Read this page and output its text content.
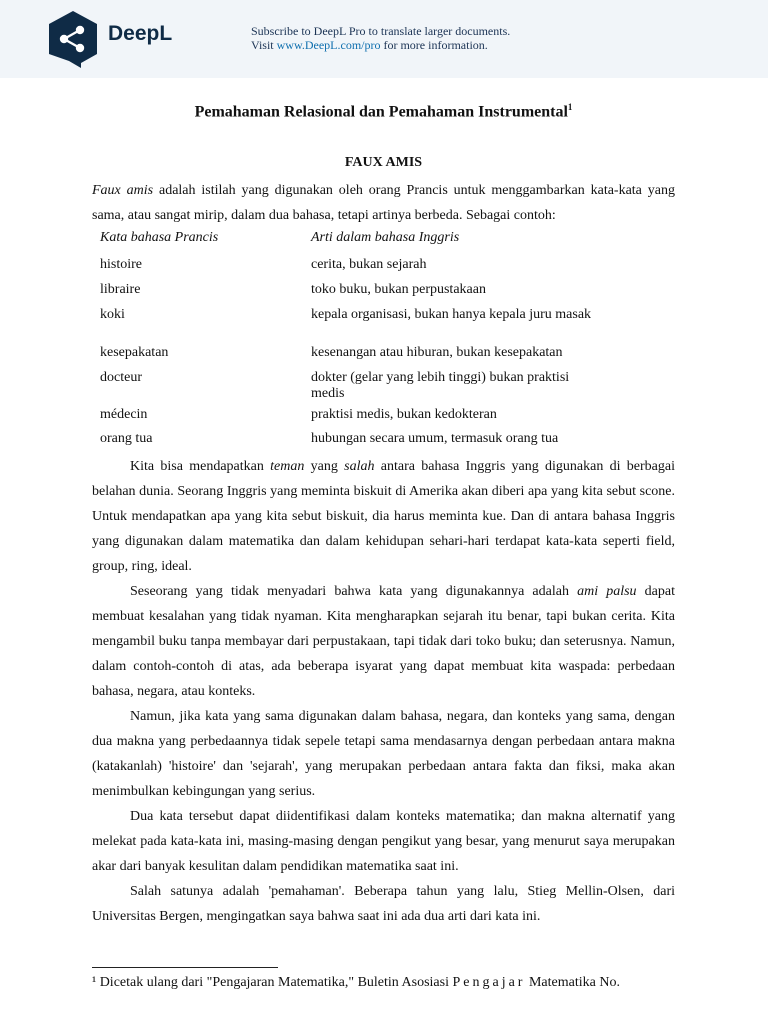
DeepL	Subscribe to DeepL Pro to translate larger documents.
Visit www.DeepL.com/pro for more information.
Pemahaman Relasional dan Pemahaman Instrumental$^1$
FAUX AMIS
Faux amis adalah istilah yang digunakan oleh orang Prancis untuk menggambarkan kata-kata yang sama, atau sangat mirip, dalam dua bahasa, tetapi artinya berbeda. Sebagai contoh:
Kata bahasa Prancis	Arti dalam bahasa Inggris
histoire	cerita, bukan sejarah
libraire	toko buku, bukan perpustakaan
koki	kepala organisasi, bukan hanya kepala juru masak
kesepakatan	kesenangan atau hiburan, bukan kesepakatan
docteur	dokter (gelar yang lebih tinggi) bukan praktisi medis
médecin	praktisi medis, bukan kedokteran
orang tua	hubungan secara umum, termasuk orang tua

Kita bisa mendapatkan teman yang salah antara bahasa Inggris yang digunakan di berbagai belahan dunia. Seorang Inggris yang meminta biskuit di Amerika akan diberi apa yang kita sebut scone. Untuk mendapatkan apa yang kita sebut biskuit, dia harus meminta kue. Dan di antara bahasa Inggris yang digunakan dalam matematika dan dalam kehidupan sehari-hari terdapat kata-kata seperti field, group, ring, ideal.

Seseorang yang tidak menyadari bahwa kata yang digunakannya adalah ami palsu dapat membuat kesalahan yang tidak nyaman. Kita mengharapkan sejarah itu benar, tapi bukan cerita. Kita mengambil buku tanpa membayar dari perpustakaan, tapi tidak dari toko buku; dan seterusnya. Namun, dalam contoh-contoh di atas, ada beberapa isyarat yang dapat membuat kita waspada: perbedaan bahasa, negara, atau konteks.

Namun, jika kata yang sama digunakan dalam bahasa, negara, dan konteks yang sama, dengan dua makna yang perbedaannya tidak sepele tetapi sama mendasarnya dengan perbedaan antara makna (katakanlah) 'histoire' dan 'sejarah', yang merupakan perbedaan antara fakta dan fiksi, maka akan menimbulkan kebingungan yang serius.

Dua kata tersebut dapat diidentifikasi dalam konteks matematika; dan makna alternatif yang melekat pada kata-kata ini, masing-masing dengan pengikut yang besar, yang menurut saya merupakan akar dari banyak kesulitan dalam pendidikan matematika saat ini.

Salah satunya adalah 'pemahaman'. Beberapa tahun yang lalu, Stieg Mellin-Olsen, dari Universitas Bergen, mengingatkan saya bahwa saat ini ada dua arti dari kata ini.

¹ Dicetak ulang dari "Pengajaran Matematika," Buletin Asosiasi Pengajar Matematika No.
